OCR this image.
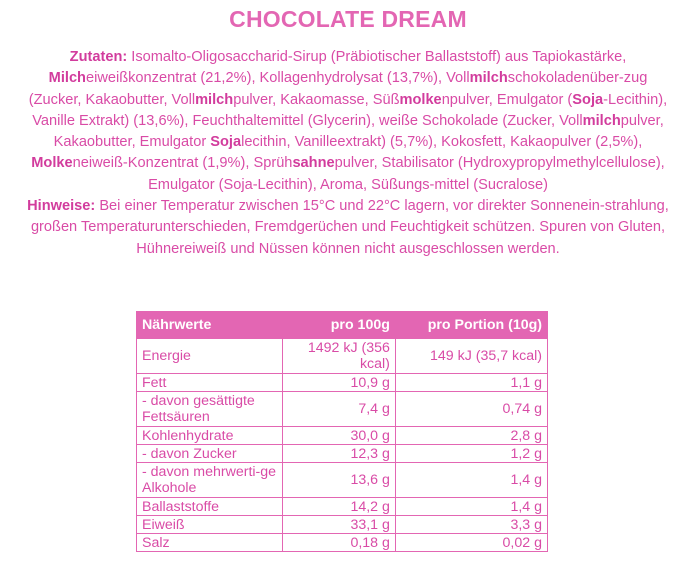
CHOCOLATE DREAM
Zutaten: Isomalto-Oligosaccharid-Sirup (Präbiotischer Ballaststoff) aus Tapiokastärke, Milcheiweißkonzentrat (21,2%), Kollagenhydrolysat (13,7%), Vollmilchschokoladenüber-zug (Zucker, Kakaobutter, Vollmilchpulver, Kakaomasse, Süßmolkenpulver, Emulgator (Soja-Lecithin), Vanille Extrakt) (13,6%), Feuchthaltemittel (Glycerin), weiße Schokolade (Zucker, Vollmilchpulver, Kakaobutter, Emulgator Sojalecithin, Vanilleextrakt) (5,7%), Kokosfett, Kakaopulver (2,5%), Molkeneiweiß-Konzentrat (1,9%), Sprühsahnepulver, Stabilisator (Hydroxypropylmethylcellulose), Emulgator (Soja-Lecithin), Aroma, Süßungs-mittel (Sucralose)
Hinweise: Bei einer Temperatur zwischen 15°C und 22°C lagern, vor direkter Sonnenein-strahlung, großen Temperaturunterschieden, Fremdgerüchen und Feuchtigkeit schützen. Spuren von Gluten, Hühnereiweiß und Nüssen können nicht ausgeschlossen werden.
Nährwerte	pro 100g	pro Portion (10g)
Energie	1492 kJ (356 kcal)	149 kJ (35,7 kcal)
Fett	10,9 g	1,1 g
- davon gesättigte Fettsäuren	7,4 g	0,74 g
Kohlenhydrate	30,0 g	2,8 g
- davon Zucker	12,3 g	1,2 g
- davon mehrwerti-ge Alkohole	13,6 g	1,4 g
Ballaststoffe	14,2 g	1,4 g
Eiweiß	33,1 g	3,3 g
Salz	0,18 g	0,02 g
